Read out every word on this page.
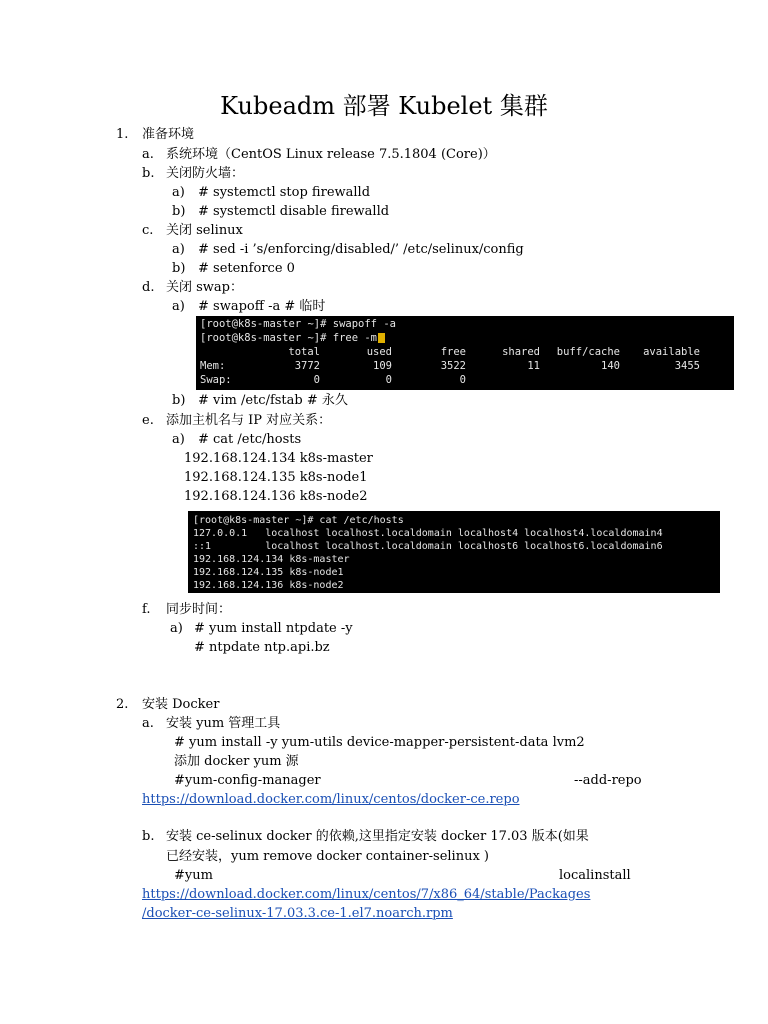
Kubeadm 部署 Kubelet 集群
1. 准备环境
a. 系统环境（CentOS Linux release 7.5.1804 (Core)）
b. 关闭防火墙：
a) # systemctl stop firewalld
b) # systemctl disable firewalld
c. 关闭 selinux
a) # sed -i ’s/enforcing/disabled/’ /etc/selinux/config
b) # setenforce 0
d. 关闭 swap：
a) # swapoff -a # 临时
[root@k8s-master ~]# swapoff -a
[root@k8s-master ~]# free -m
total	used	free	shared buff/cache available
Mem:	3772	109	3522	11	140	3455
Swap:	0	0	0
b) # vim /etc/fstab # 永久
e. 添加主机名与 IP 对应关系：
a) # cat /etc/hosts
192.168.124.134 k8s-master
192.168.124.135 k8s-node1
192.168.124.136 k8s-node2
[root@k8s-master ~]# cat /etc/hosts
127.0.0.1   localhost localhost.localdomain localhost4 localhost4.localdomain4
::1         localhost localhost.localdomain localhost6 localhost6.localdomain6
192.168.124.134 k8s-master
192.168.124.135 k8s-node1
192.168.124.136 k8s-node2
f. 同步时间：
a) # yum install ntpdate -y
# ntpdate ntp.api.bz
2. 安装 Docker
a. 安装 yum 管理工具
# yum install -y yum-utils device-mapper-persistent-data lvm2
添加 docker yum 源
#yum-config-manager	--add-repo
https://download.docker.com/linux/centos/docker-ce.repo
b. 安装 ce-selinux docker 的依赖,这里指定安装 docker 17.03 版本(如果
已经安装，yum remove docker container-selinux )
#yum	localinstall
https://download.docker.com/linux/centos/7/x86_64/stable/Packages
/docker-ce-selinux-17.03.3.ce-1.el7.noarch.rpm
